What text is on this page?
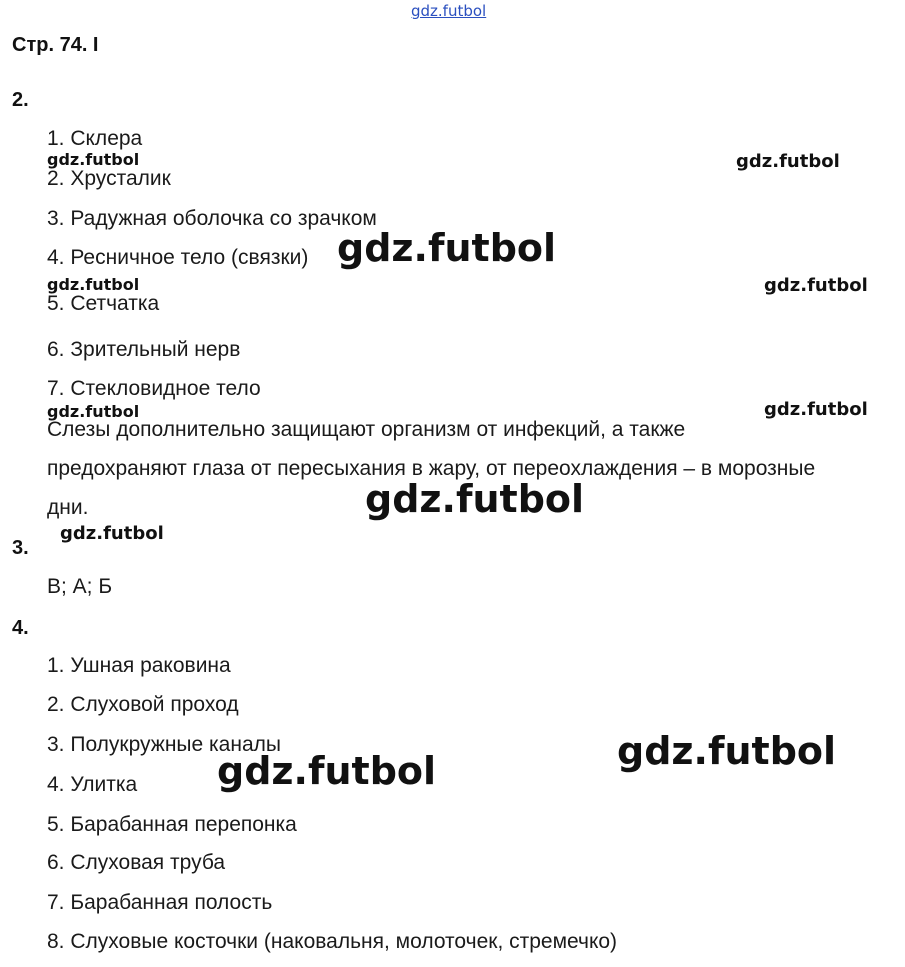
gdz.futbol
Стр. 74. I
2.
1. Склера
2. Хрусталик
3. Радужная оболочка со зрачком
4. Ресничное тело (связки)
5. Сетчатка
6. Зрительный нерв
7. Стекловидное тело
Слезы дополнительно защищают организм от инфекций, а также
предохраняют глаза от пересыхания в жару, от переохлаждения – в морозные
дни.
3.
В; А; Б
4.
1. Ушная раковина
2. Слуховой проход
3. Полукружные каналы
4. Улитка
5. Барабанная перепонка
6. Слуховая труба
7. Барабанная полость
8. Слуховые косточки (наковальня, молоточек, стремечко)
gdz.futbol	gdz.futbol
gdz.futbol
gdz.futbol	gdz.futbol
gdz.futbol	gdz.futbol
gdz.futbol
gdz.futbol
gdz.futbol
gdz.futbol
